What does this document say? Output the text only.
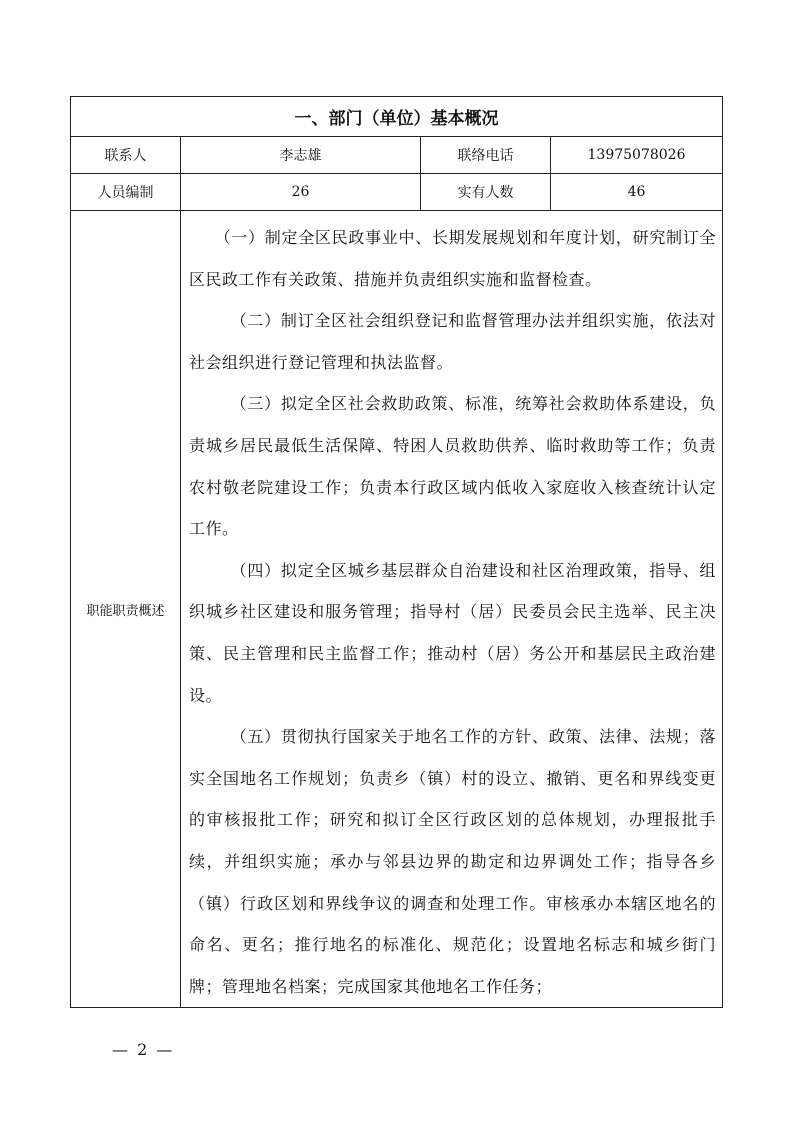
一、部门（单位）基本概况			
联系人	李志雄	联络电话	13975078026
人员编制	26	实有人数	46
职能职责概述	（一）制定全区民政事业中、长期发展规划和年度计划，研究制订全区民政工作有关政策、措施并负责组织实施和监督检查。

（二）制订全区社会组织登记和监督管理办法并组织实施，依法对社会组织进行登记管理和执法监督。

（三）拟定全区社会救助政策、标准，统筹社会救助体系建设，负责城乡居民最低生活保障、特困人员救助供养、临时救助等工作；负责农村敬老院建设工作；负责本行政区域内低收入家庭收入核查统计认定工作。

（四）拟定全区城乡基层群众自治建设和社区治理政策，指导、组织城乡社区建设和服务管理；指导村（居）民委员会民主选举、民主决策、民主管理和民主监督工作；推动村（居）务公开和基层民主政治建设。

（五）贯彻执行国家关于地名工作的方针、政策、法律、法规；落实全国地名工作规划；负责乡（镇）村的设立、撤销、更名和界线变更的审核报批工作；研究和拟订全区行政区划的总体规划，办理报批手续，并组织实施；承办与邻县边界的勘定和边界调处工作；指导各乡（镇）行政区划和界线争议的调查和处理工作。审核承办本辖区地名的命名、更名；推行地名的标准化、规范化；设置地名标志和城乡街门牌；管理地名档案；完成国家其他地名工作任务；		

— 2 —
